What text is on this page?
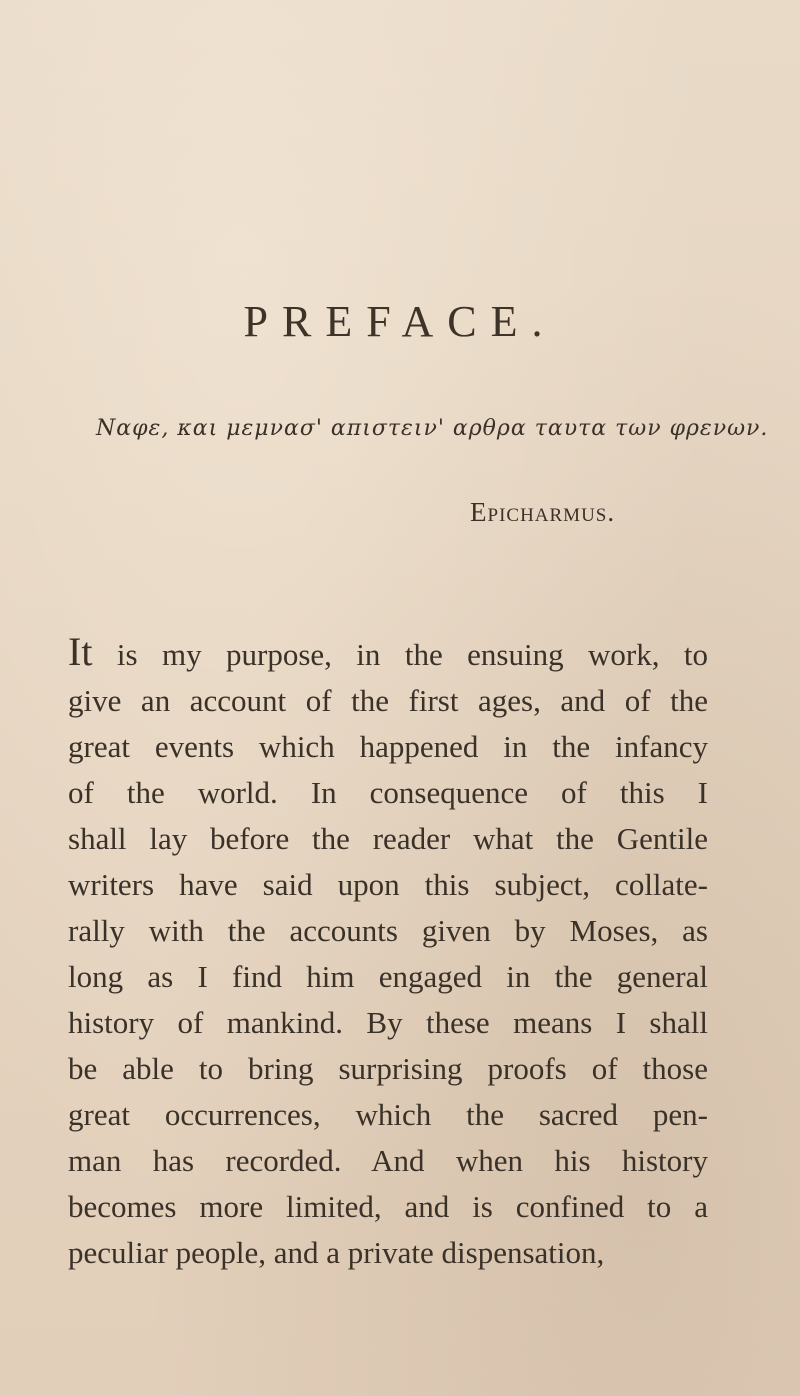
PREFACE.

Ναφε, και μεμνασ' απιστειν' αρθρα ταυτα των φρενων.

Epicharmus.

It is my purpose, in the ensuing work, to
give an account of the first ages, and of the
great events which happened in the infancy
of the world. In consequence of this I
shall lay before the reader what the Gentile
writers have said upon this subject, collate-
rally with the accounts given by Moses, as
long as I find him engaged in the general
history of mankind. By these means I shall
be able to bring surprising proofs of those
great occurrences, which the sacred pen-
man has recorded. And when his history
becomes more limited, and is confined to a
peculiar people, and a private dispensation,
